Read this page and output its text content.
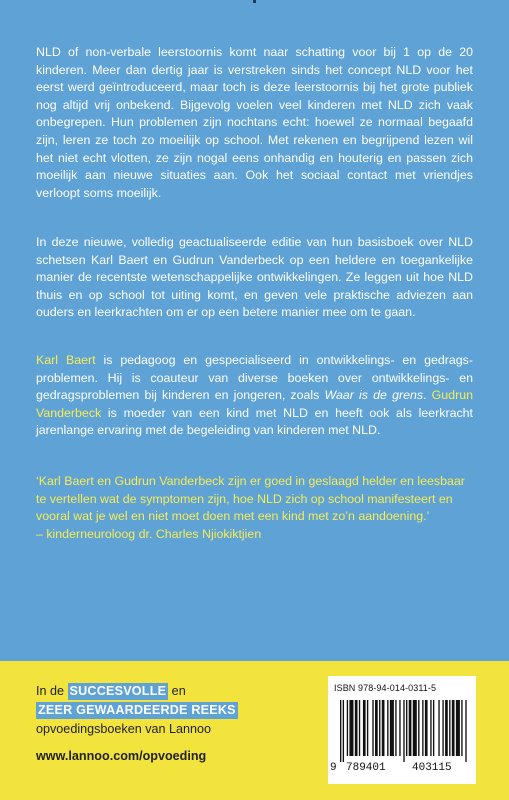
NLD of non-verbale leerstoornis komt naar schatting voor bij 1 op de 20 kinderen. Meer dan dertig jaar is verstreken sinds het concept NLD voor het eerst werd geïntroduceerd, maar toch is deze leerstoornis bij het grote publiek nog altijd vrij onbekend. Bijgevolg voelen veel kinderen met NLD zich vaak onbegrepen. Hun problemen zijn nochtans echt: hoewel ze normaal begaafd zijn, leren ze toch zo moeilijk op school. Met rekenen en begrijpend lezen wil het niet echt vlotten, ze zijn nogal eens onhandig en houterig en passen zich moeilijk aan nieuwe situaties aan. Ook het sociaal contact met vriendjes verloopt soms moeilijk.

In deze nieuwe, volledig geactualiseerde editie van hun basisboek over NLD schetsen Karl Baert en Gudrun Vanderbeck op een heldere en toegankelijke manier de recentste wetenschappelijke ontwikkelingen. Ze leggen uit hoe NLD thuis en op school tot uiting komt, en geven vele praktische adviezen aan ouders en leerkrachten om er op een betere manier mee om te gaan.

Karl Baert is pedagoog en gespecialiseerd in ontwikkelings- en gedragsproblemen. Hij is coauteur van diverse boeken over ontwikkelings- en gedragsproblemen bij kinderen en jongeren, zoals Waar is de grens. Gudrun Vanderbeck is moeder van een kind met NLD en heeft ook als leerkracht jarenlange ervaring met de begeleiding van kinderen met NLD.

‘Karl Baert en Gudrun Vanderbeck zijn er goed in geslaagd helder en leesbaar te vertellen wat de symptomen zijn, hoe NLD zich op school manifesteert en vooral wat je wel en niet moet doen met een kind met zo’n aandoening.’
– kinderneuroloog dr. Charles Njiokiktjien

In de SUCCESVOLLE en
ZEER GEWAARDEERDE REEKS
opvoedingsboeken van Lannoo
www.lannoo.com/opvoeding
ISBN 978-94-014-0311-5
9 789401 403115
